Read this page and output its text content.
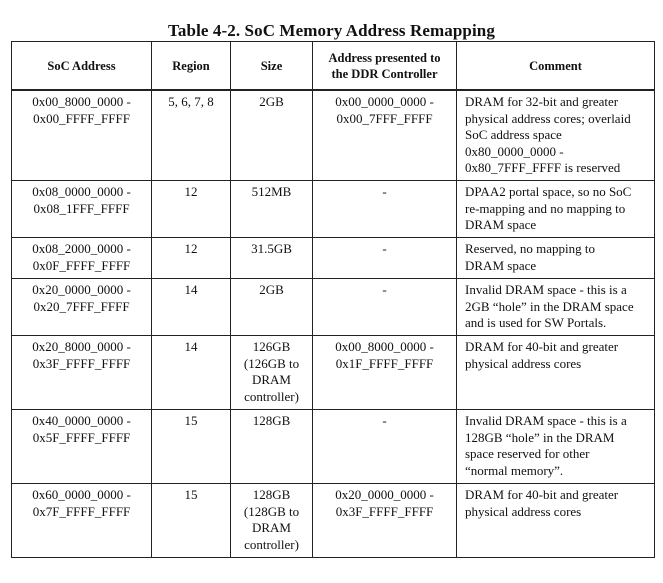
Table 4-2. SoC Memory Address Remapping
SoC Address	Region	Size	Address presented to
the DDR Controller	Comment
0x00_8000_0000 -
0x00_FFFF_FFFF	5, 6, 7, 8	2GB	0x00_0000_0000 -
0x00_7FFF_FFFF	DRAM for 32-bit and greater
physical address cores; overlaid
SoC address space
0x80_0000_0000 -
0x80_7FFF_FFFF is reserved
0x08_0000_0000 -
0x08_1FFF_FFFF	12	512MB	-	DPAA2 portal space, so no SoC
re-mapping and no mapping to
DRAM space
0x08_2000_0000 -
0x0F_FFFF_FFFF	12	31.5GB	-	Reserved, no mapping to
DRAM space
0x20_0000_0000 -
0x20_7FFF_FFFF	14	2GB	-	Invalid DRAM space - this is a
2GB “hole” in the DRAM space
and is used for SW Portals.
0x20_8000_0000 -
0x3F_FFFF_FFFF	14	126GB
(126GB to
DRAM
controller)	0x00_8000_0000 -
0x1F_FFFF_FFFF	DRAM for 40-bit and greater
physical address cores
0x40_0000_0000 -
0x5F_FFFF_FFFF	15	128GB	-	Invalid DRAM space - this is a
128GB “hole” in the DRAM
space reserved for other
“normal memory”.
0x60_0000_0000 -
0x7F_FFFF_FFFF	15	128GB
(128GB to
DRAM
controller)	0x20_0000_0000 -
0x3F_FFFF_FFFF	DRAM for 40-bit and greater
physical address cores
